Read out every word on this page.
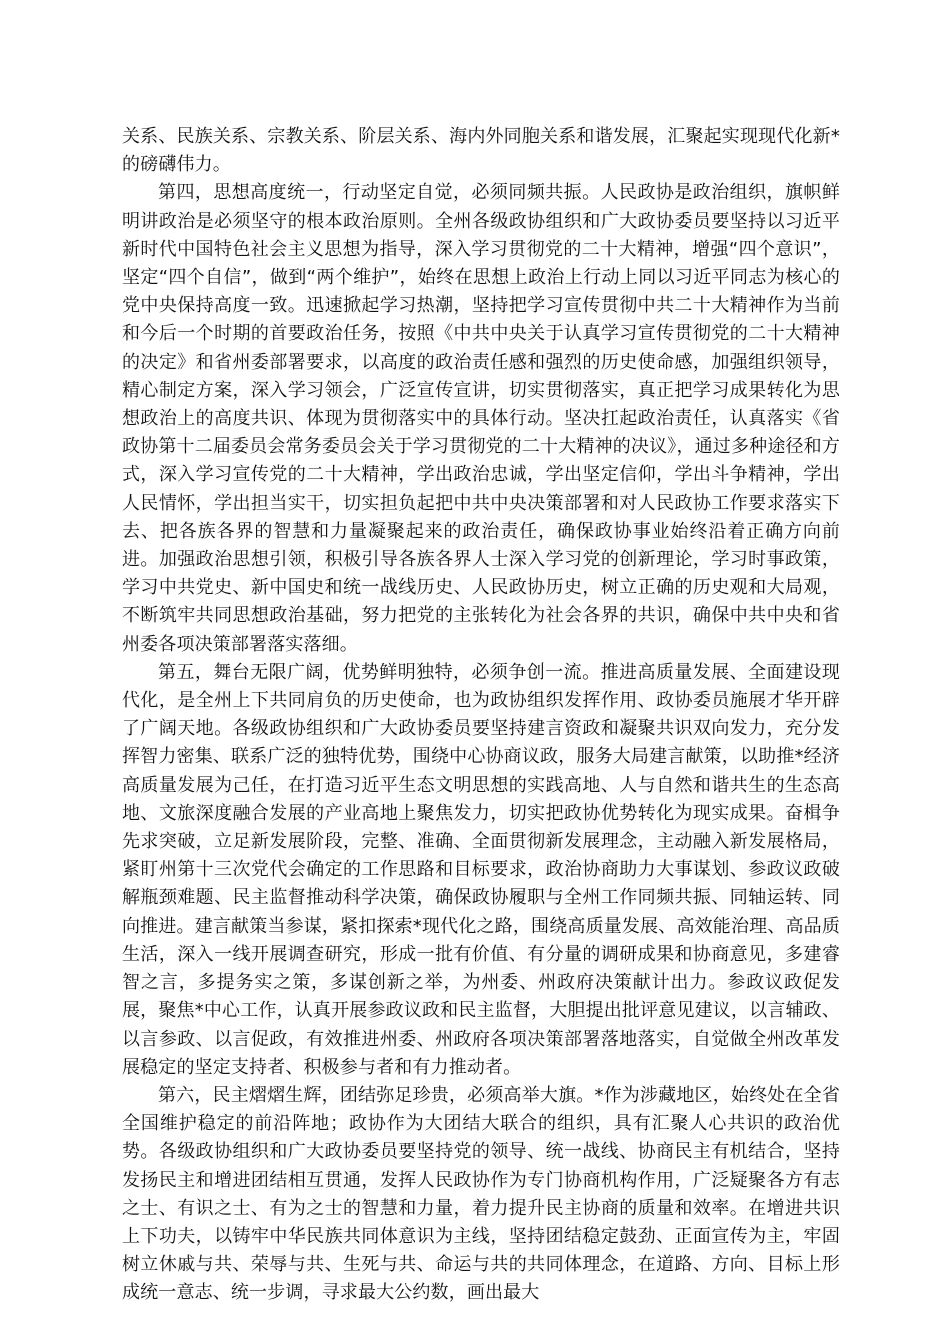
关系、民族关系、宗教关系、阶层关系、海内外同胞关系和谐发展，汇聚起实现现代化新*的磅礴伟力。

第四，思想高度统一，行动坚定自觉，必须同频共振。人民政协是政治组织，旗帜鲜明讲政治是必须坚守的根本政治原则。全州各级政协组织和广大政协委员要坚持以习近平新时代中国特色社会主义思想为指导，深入学习贯彻党的二十大精神，增强“四个意识”，坚定“四个自信”，做到“两个维护”，始终在思想上政治上行动上同以习近平同志为核心的党中央保持高度一致。迅速掀起学习热潮，坚持把学习宣传贯彻中共二十大精神作为当前和今后一个时期的首要政治任务，按照《中共中央关于认真学习宣传贯彻党的二十大精神的决定》和省州委部署要求，以高度的政治责任感和强烈的历史使命感，加强组织领导，精心制定方案，深入学习领会，广泛宣传宣讲，切实贯彻落实，真正把学习成果转化为思想政治上的高度共识、体现为贯彻落实中的具体行动。坚决扛起政治责任，认真落实《省政协第十二届委员会常务委员会关于学习贯彻党的二十大精神的决议》，通过多种途径和方式，深入学习宣传党的二十大精神，学出政治忠诚，学出坚定信仰，学出斗争精神，学出人民情怀，学出担当实干，切实担负起把中共中央决策部署和对人民政协工作要求落实下去、把各族各界的智慧和力量凝聚起来的政治责任，确保政协事业始终沿着正确方向前进。加强政治思想引领，积极引导各族各界人士深入学习党的创新理论，学习时事政策，学习中共党史、新中国史和统一战线历史、人民政协历史，树立正确的历史观和大局观，不断筑牢共同思想政治基础，努力把党的主张转化为社会各界的共识，确保中共中央和省州委各项决策部署落实落细。

第五，舞台无限广阔，优势鲜明独特，必须争创一流。推进高质量发展、全面建设现代化，是全州上下共同肩负的历史使命，也为政协组织发挥作用、政协委员施展才华开辟了广阔天地。各级政协组织和广大政协委员要坚持建言资政和凝聚共识双向发力，充分发挥智力密集、联系广泛的独特优势，围绕中心协商议政，服务大局建言献策，以助推*经济高质量发展为己任，在打造习近平生态文明思想的实践高地、人与自然和谐共生的生态高地、文旅深度融合发展的产业高地上聚焦发力，切实把政协优势转化为现实成果。奋楫争先求突破，立足新发展阶段，完整、准确、全面贯彻新发展理念，主动融入新发展格局，紧盯州第十三次党代会确定的工作思路和目标要求，政治协商助力大事谋划、参政议政破解瓶颈难题、民主监督推动科学决策，确保政协履职与全州工作同频共振、同轴运转、同向推进。建言献策当参谋，紧扣探索*现代化之路，围绕高质量发展、高效能治理、高品质生活，深入一线开展调查研究，形成一批有价值、有分量的调研成果和协商意见，多建睿智之言，多提务实之策，多谋创新之举，为州委、州政府决策献计出力。参政议政促发展，聚焦*中心工作，认真开展参政议政和民主监督，大胆提出批评意见建议，以言辅政、以言参政、以言促政，有效推进州委、州政府各项决策部署落地落实，自觉做全州改革发展稳定的坚定支持者、积极参与者和有力推动者。

第六，民主熠熠生辉，团结弥足珍贵，必须高举大旗。*作为涉藏地区，始终处在全省全国维护稳定的前沿阵地；政协作为大团结大联合的组织，具有汇聚人心共识的政治优势。各级政协组织和广大政协委员要坚持党的领导、统一战线、协商民主有机结合，坚持发扬民主和增进团结相互贯通，发挥人民政协作为专门协商机构作用，广泛疑聚各方有志之士、有识之士、有为之士的智慧和力量，着力提升民主协商的质量和效率。在增进共识上下功夫，以铸牢中华民族共同体意识为主线，坚持团结稳定鼓劲、正面宣传为主，牢固树立休戚与共、荣辱与共、生死与共、命运与共的共同体理念，在道路、方向、目标上形成统一意志、统一步调，寻求最大公约数，画出最大
